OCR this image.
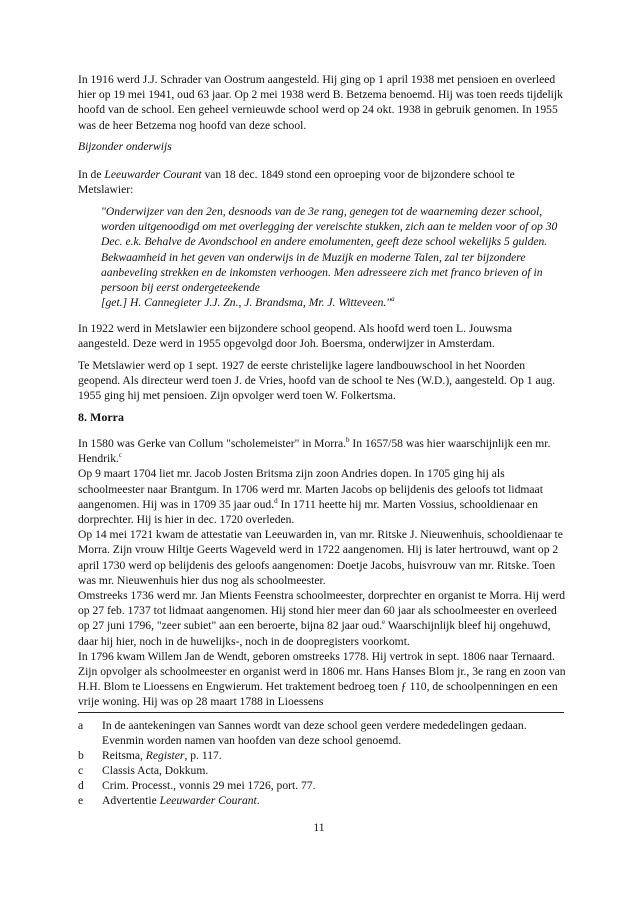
In 1916 werd J.J. Schrader van Oostrum aangesteld. Hij ging op 1 april 1938 met pensioen en overleed hier op 19 mei 1941, oud 63 jaar. Op 2 mei 1938 werd B. Betzema benoemd. Hij was toen reeds tijdelijk hoofd van de school. Een geheel vernieuwde school werd op 24 okt. 1938 in gebruik genomen. In 1955 was de heer Betzema nog hoofd van deze school.

Bijzonder onderwijs

In de Leeuwarder Courant van 18 dec. 1849 stond een oproeping voor de bijzondere school te Metslawier:

"Onderwijzer van den 2en, desnoods van de 3e rang, genegen tot de waarneming dezer school, worden uitgenoodigd om met overlegging der vereischte stukken, zich aan te melden voor of op 30 Dec. e.k. Behalve de Avondschool en andere emolumenten, geeft deze school wekelijks 5 gulden. Bekwaamheid in het geven van onderwijs in de Muzijk en moderne Talen, zal ter bijzondere aanbeveling strekken en de inkomsten verhoogen. Men adresseere zich met franco brieven of in persoon bij eerst ondergeteekende
[get.] H. Cannegieter J.J. Zn., J. Brandsma, Mr. J. Witteveen."$^a$

In 1922 werd in Metslawier een bijzondere school geopend. Als hoofd werd toen L. Jouwsma aangesteld. Deze werd in 1955 opgevolgd door Joh. Boersma, onderwijzer in Amsterdam.

Te Metslawier werd op 1 sept. 1927 de eerste christelijke lagere landbouwschool in het Noorden geopend. Als directeur werd toen J. de Vries, hoofd van de school te Nes (W.D.), aangesteld. Op 1 aug. 1955 ging hij met pensioen. Zijn opvolger werd toen W. Folkertsma.

8. Morra

In 1580 was Gerke van Collum "scholemeister" in Morra.$^b$ In 1657/58 was hier waarschijnlijk een mr. Hendrik.$^c$

Op 9 maart 1704 liet mr. Jacob Josten Britsma zijn zoon Andries dopen. In 1705 ging hij als schoolmeester naar Brantgum. In 1706 werd mr. Marten Jacobs op belijdenis des geloofs tot lidmaat aangenomen. Hij was in 1709 35 jaar oud.$^d$ In 1711 heette hij mr. Marten Vossius, schooldienaar en dorprechter. Hij is hier in dec. 1720 overleden.

Op 14 mei 1721 kwam de attestatie van Leeuwarden in, van mr. Ritske J. Nieuwenhuis, schooldienaar te Morra. Zijn vrouw Hiltje Geerts Wageveld werd in 1722 aangenomen. Hij is later hertrouwd, want op 2 april 1730 werd op belijdenis des geloofs aangenomen: Doetje Jacobs, huisvrouw van mr. Ritske. Toen was mr. Nieuwenhuis hier dus nog als schoolmeester.

Omstreeks 1736 werd mr. Jan Mients Feenstra schoolmeester, dorprechter en organist te Morra. Hij werd op 27 feb. 1737 tot lidmaat aangenomen. Hij stond hier meer dan 60 jaar als schoolmeester en overleed op 27 juni 1796, "zeer subiet" aan een beroerte, bijna 82 jaar oud.$^e$ Waarschijnlijk bleef hij ongehuwd, daar hij hier, noch in de huwelijks-, noch in de doopregisters voorkomt.

In 1796 kwam Willem Jan de Wendt, geboren omstreeks 1778. Hij vertrok in sept. 1806 naar Ternaard. Zijn opvolger als schoolmeester en organist werd in 1806 mr. Hans Hanses Blom jr., 3e rang en zoon van H.H. Blom te Lioessens en Engwierum. Het traktement bedroeg toen ƒ 110, de schoolpenningen en een vrije woning. Hij was op 28 maart 1788 in Lioessens

a In de aantekeningen van Sannes wordt van deze school geen verdere mededelingen gedaan. Evenmin worden namen van hoofden van deze school genoemd.
b Reitsma, Register, p. 117.
c Classis Acta, Dokkum.
d Crim. Processt., vonnis 29 mei 1726, port. 77.
e Advertentie Leeuwarder Courant.
11
